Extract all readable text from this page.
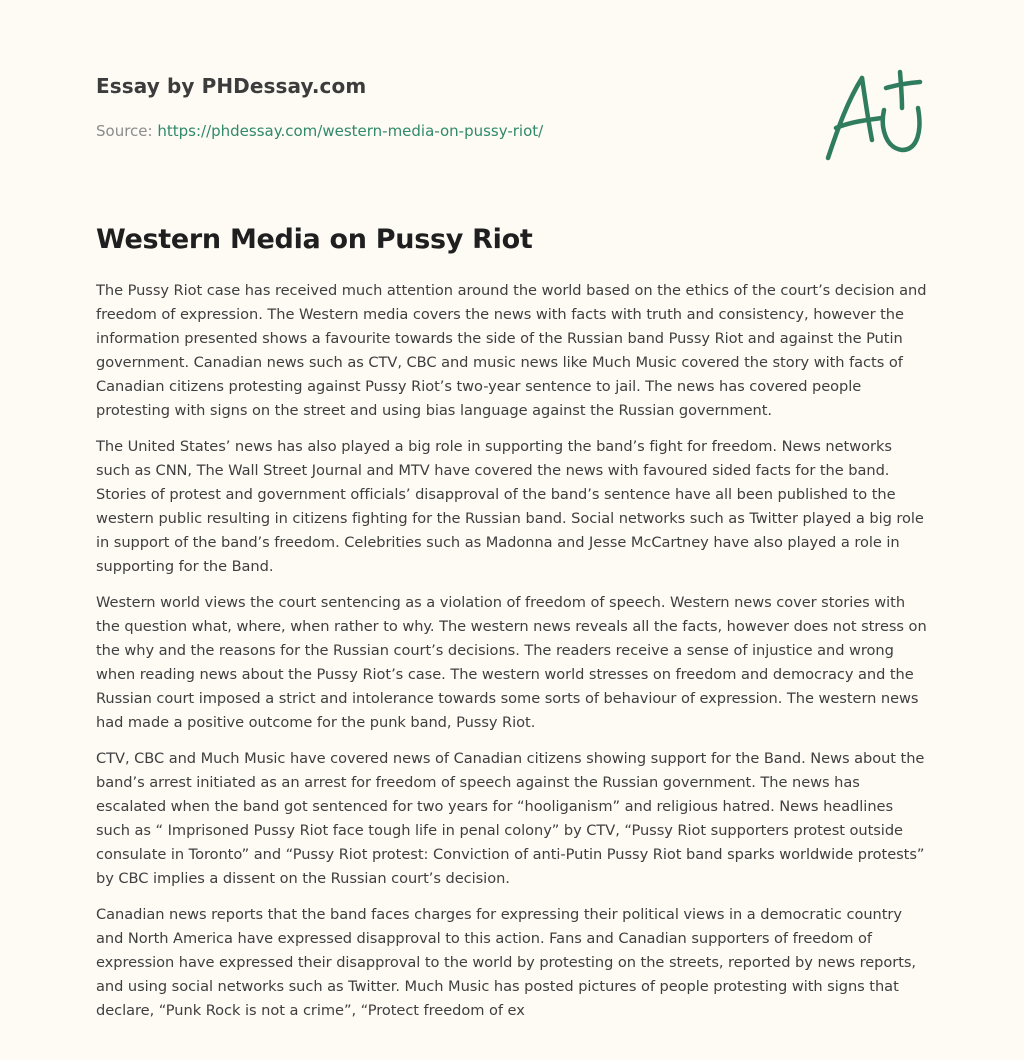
Essay by PHDessay.com
Source: https://phdessay.com/western-media-on-pussy-riot/
Western Media on Pussy Riot

The Pussy Riot case has received much attention around the world based on the ethics of the court’s decision and freedom of expression. The Western media covers the news with facts with truth and consistency, however the information presented shows a favourite towards the side of the Russian band Pussy Riot and against the Putin government. Canadian news such as CTV, CBC and music news like Much Music covered the story with facts of Canadian citizens protesting against Pussy Riot’s two-year sentence to jail. The news has covered people protesting with signs on the street and using bias language against the Russian government.

The United States’ news has also played a big role in supporting the band’s fight for freedom. News networks such as CNN, The Wall Street Journal and MTV have covered the news with favoured sided facts for the band. Stories of protest and government officials’ disapproval of the band’s sentence have all been published to the western public resulting in citizens fighting for the Russian band. Social networks such as Twitter played a big role in support of the band’s freedom. Celebrities such as Madonna and Jesse McCartney have also played a role in supporting for the Band.

Western world views the court sentencing as a violation of freedom of speech. Western news cover stories with the question what, where, when rather to why. The western news reveals all the facts, however does not stress on the why and the reasons for the Russian court’s decisions. The readers receive a sense of injustice and wrong when reading news about the Pussy Riot’s case. The western world stresses on freedom and democracy and the Russian court imposed a strict and intolerance towards some sorts of behaviour of expression. The western news had made a positive outcome for the punk band, Pussy Riot.

CTV, CBC and Much Music have covered news of Canadian citizens showing support for the Band. News about the band’s arrest initiated as an arrest for freedom of speech against the Russian government. The news has escalated when the band got sentenced for two years for “hooliganism” and religious hatred. News headlines such as “ Imprisoned Pussy Riot face tough life in penal colony” by CTV, “Pussy Riot supporters protest outside consulate in Toronto” and “Pussy Riot protest: Conviction of anti-Putin Pussy Riot band sparks worldwide protests” by CBC implies a dissent on the Russian court’s decision.

Canadian news reports that the band faces charges for expressing their political views in a democratic country and North America have expressed disapproval to this action. Fans and Canadian supporters of freedom of expression have expressed their disapproval to the world by protesting on the streets, reported by news reports, and using social networks such as Twitter. Much Music has posted pictures of people protesting with signs that declare, “Punk Rock is not a crime”, “Protect freedom of ex
